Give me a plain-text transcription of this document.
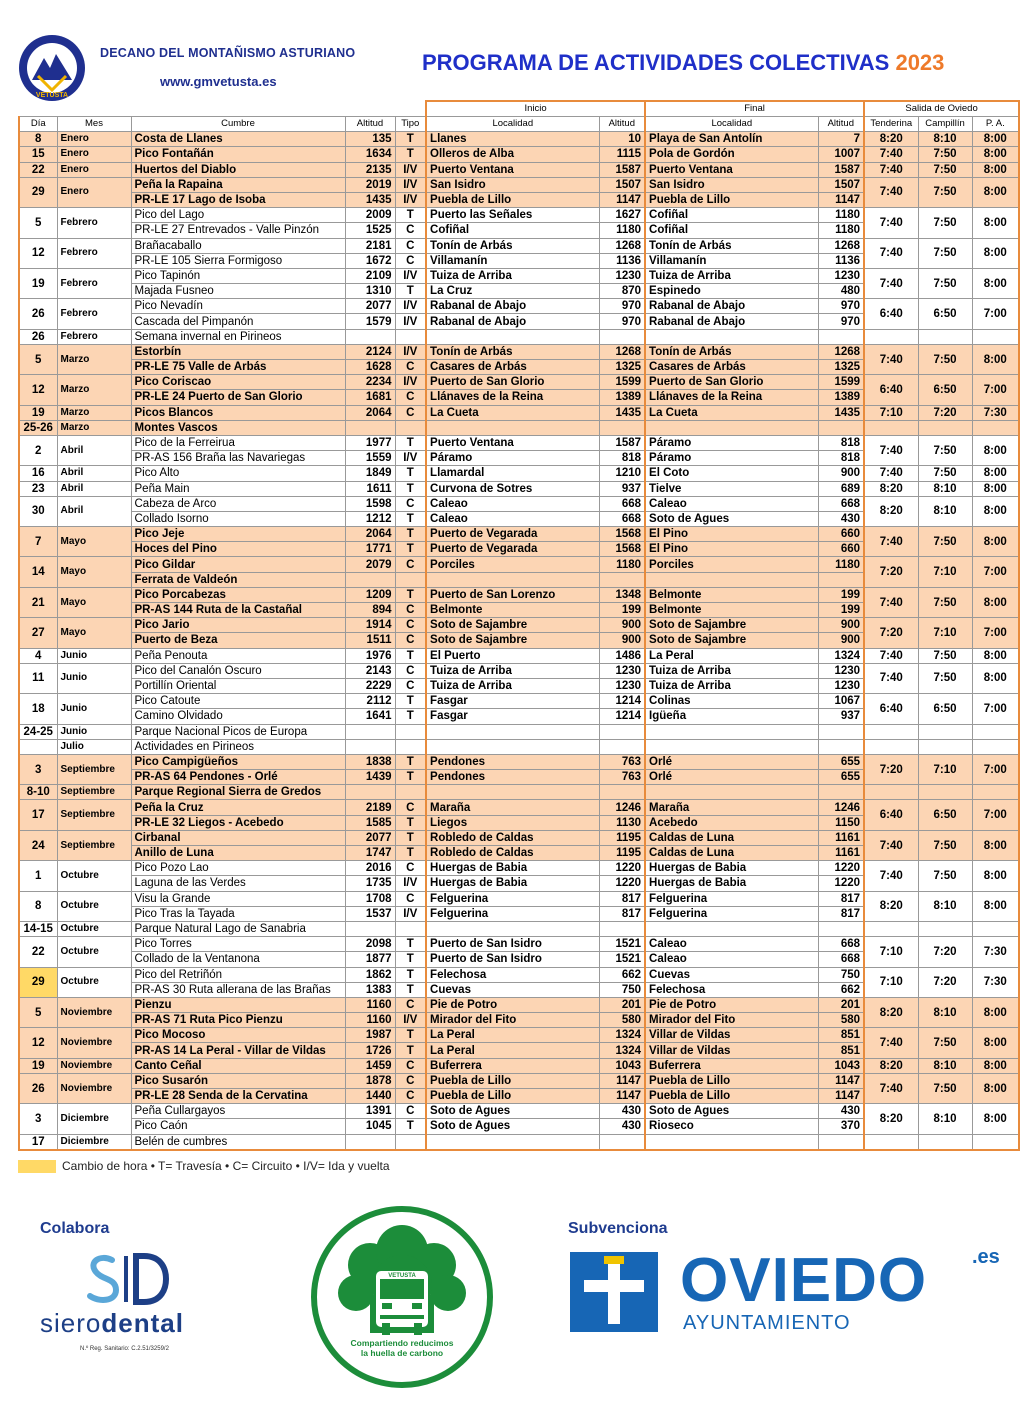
VETUSTA
DECANO DEL MONTAÑISMO ASTURIANO
www.gmvetusta.es
PROGRAMA DE ACTIVIDADES COLECTIVAS 2023
					Inicio		Final		Salida de Oviedo		
Día	Mes	Cumbre	Altitud	Tipo	Localidad	Altitud	Localidad	Altitud	Tenderina	Campillín	P. A.
8	Enero	Costa de Llanes	135	T	Llanes	10	Playa de San Antolín	7	8:20	8:10	8:00
15	Enero	Pico Fontañán	1634	T	Olleros de Alba	1115	Pola de Gordón	1007	7:40	7:50	8:00
22	Enero	Huertos del Diablo	2135	I/V	Puerto Ventana	1587	Puerto Ventana	1587	7:40	7:50	8:00
29	Enero	Peña la Rapaina	2019	I/V	San Isidro	1507	San Isidro	1507	7:40	7:50	8:00
		PR-LE 17 Lago de Isoba	1435	I/V	Puebla de Lillo	1147	Puebla de Lillo	1147			
5	Febrero	Pico del Lago	2009	T	Puerto las Señales	1627	Cofiñal	1180	7:40	7:50	8:00
		PR-LE 27 Entrevados - Valle Pinzón	1525	C	Cofiñal	1180	Cofiñal	1180			
12	Febrero	Brañacaballo	2181	C	Tonín de Arbás	1268	Tonín de Arbás	1268	7:40	7:50	8:00
		PR-LE 105 Sierra Formigoso	1672	C	Villamanín	1136	Villamanín	1136			
19	Febrero	Pico Tapinón	2109	I/V	Tuiza de Arriba	1230	Tuiza de Arriba	1230	7:40	7:50	8:00
		Majada Fusneo	1310	T	La Cruz	870	Espinedo	480			
26	Febrero	Pico Nevadín	2077	I/V	Rabanal de Abajo	970	Rabanal de Abajo	970	6:40	6:50	7:00
		Cascada del Pimpanón	1579	I/V	Rabanal de Abajo	970	Rabanal de Abajo	970			
26	Febrero	Semana invernal en Pirineos									
5	Marzo	Estorbín	2124	I/V	Tonín de Arbás	1268	Tonín de Arbás	1268	7:40	7:50	8:00
		PR-LE 75 Valle de Arbás	1628	C	Casares de Arbás	1325	Casares de Arbás	1325			
12	Marzo	Pico Coriscao	2234	I/V	Puerto de San Glorio	1599	Puerto de San Glorio	1599	6:40	6:50	7:00
		PR-LE 24 Puerto de San Glorio	1681	C	Llánaves de la Reina	1389	Llánaves de la Reina	1389			
19	Marzo	Picos Blancos	2064	C	La Cueta	1435	La Cueta	1435	7:10	7:20	7:30
25-26	Marzo	Montes Vascos									
2	Abril	Pico de la Ferreirua	1977	T	Puerto Ventana	1587	Páramo	818	7:40	7:50	8:00
		PR-AS 156 Braña las Navariegas	1559	I/V	Páramo	818	Páramo	818			
16	Abril	Pico Alto	1849	T	Llamardal	1210	El Coto	900	7:40	7:50	8:00
23	Abril	Peña Main	1611	T	Curvona de Sotres	937	Tielve	689	8:20	8:10	8:00
30	Abril	Cabeza de Arco	1598	C	Caleao	668	Caleao	668	8:20	8:10	8:00
		Collado Isorno	1212	T	Caleao	668	Soto de Agues	430			
7	Mayo	Pico Jeje	2064	T	Puerto de Vegarada	1568	El Pino	660	7:40	7:50	8:00
		Hoces del Pino	1771	T	Puerto de Vegarada	1568	El Pino	660			
14	Mayo	Pico Gildar	2079	C	Porciles	1180	Porciles	1180	7:20	7:10	7:00
		Ferrata de Valdeón									
21	Mayo	Pico Porcabezas	1209	T	Puerto de San Lorenzo	1348	Belmonte	199	7:40	7:50	8:00
		PR-AS 144 Ruta de la Castañal	894	C	Belmonte	199	Belmonte	199			
27	Mayo	Pico Jario	1914	C	Soto de Sajambre	900	Soto de Sajambre	900	7:20	7:10	7:00
		Puerto de Beza	1511	C	Soto de Sajambre	900	Soto de Sajambre	900			
4	Junio	Peña Penouta	1976	T	El Puerto	1486	La Peral	1324	7:40	7:50	8:00
11	Junio	Pico del Canalón Oscuro	2143	C	Tuiza de Arriba	1230	Tuiza de Arriba	1230	7:40	7:50	8:00
		Portillín Oriental	2229	C	Tuiza de Arriba	1230	Tuiza de Arriba	1230			
18	Junio	Pico Catoute	2112	T	Fasgar	1214	Colinas	1067	6:40	6:50	7:00
		Camino Olvidado	1641	T	Fasgar	1214	Igüeña	937			
24-25	Junio	Parque Nacional Picos de Europa									
	Julio	Actividades en Pirineos									
3	Septiembre	Pico Campigüeños	1838	T	Pendones	763	Orlé	655	7:20	7:10	7:00
		PR-AS 64 Pendones - Orlé	1439	T	Pendones	763	Orlé	655			
8-10	Septiembre	Parque Regional Sierra de Gredos									
17	Septiembre	Peña la Cruz	2189	C	Maraña	1246	Maraña	1246	6:40	6:50	7:00
		PR-LE 32 Liegos - Acebedo	1585	T	Liegos	1130	Acebedo	1150			
24	Septiembre	Cirbanal	2077	T	Robledo de Caldas	1195	Caldas de Luna	1161	7:40	7:50	8:00
		Anillo de Luna	1747	T	Robledo de Caldas	1195	Caldas de Luna	1161			
1	Octubre	Pico Pozo Lao	2016	C	Huergas de Babia	1220	Huergas de Babia	1220	7:40	7:50	8:00
		Laguna de las Verdes	1735	I/V	Huergas de Babia	1220	Huergas de Babia	1220			
8	Octubre	Visu la Grande	1708	C	Felguerina	817	Felguerina	817	8:20	8:10	8:00
		Pico Tras la Tayada	1537	I/V	Felguerina	817	Felguerina	817			
14-15	Octubre	Parque Natural Lago de Sanabria									
22	Octubre	Pico Torres	2098	T	Puerto de San Isidro	1521	Caleao	668	7:10	7:20	7:30
		Collado de la Ventanona	1877	T	Puerto de San Isidro	1521	Caleao	668			
29	Octubre	Pico del Retriñón	1862	T	Felechosa	662	Cuevas	750	7:10	7:20	7:30
		PR-AS 30 Ruta allerana de las Brañas	1383	T	Cuevas	750	Felechosa	662			
5	Noviembre	Pienzu	1160	C	Pie de Potro	201	Pie de Potro	201	8:20	8:10	8:00
		PR-AS 71 Ruta Pico Pienzu	1160	I/V	Mirador del Fito	580	Mirador del Fito	580			
12	Noviembre	Pico Mocoso	1987	T	La Peral	1324	Villar de Vildas	851	7:40	7:50	8:00
		PR-AS 14 La Peral - Villar de Vildas	1726	T	La Peral	1324	Villar de Vildas	851			
19	Noviembre	Canto Ceñal	1459	C	Buferrera	1043	Buferrera	1043	8:20	8:10	8:00
26	Noviembre	Pico Susarón	1878	C	Puebla de Lillo	1147	Puebla de Lillo	1147	7:40	7:50	8:00
		PR-LE 28 Senda de la Cervatina	1440	C	Puebla de Lillo	1147	Puebla de Lillo	1147			
3	Diciembre	Peña Cullargayos	1391	C	Soto de Agues	430	Soto de Agues	430	8:20	8:10	8:00
		Pico Caón	1045	T	Soto de Agues	430	Rioseco	370			
17	Diciembre	Belén de cumbres									
Cambio de hora • T= Travesía • C= Circuito • I/V= Ida y vuelta
Colabora	Subvenciona
sierodental
N.º Reg. Sanitario: C.2.51/3259/2
VETUSTA
Compartiendo reducimos
la huella de carbono
OVIEDO .es
AYUNTAMIENTO
